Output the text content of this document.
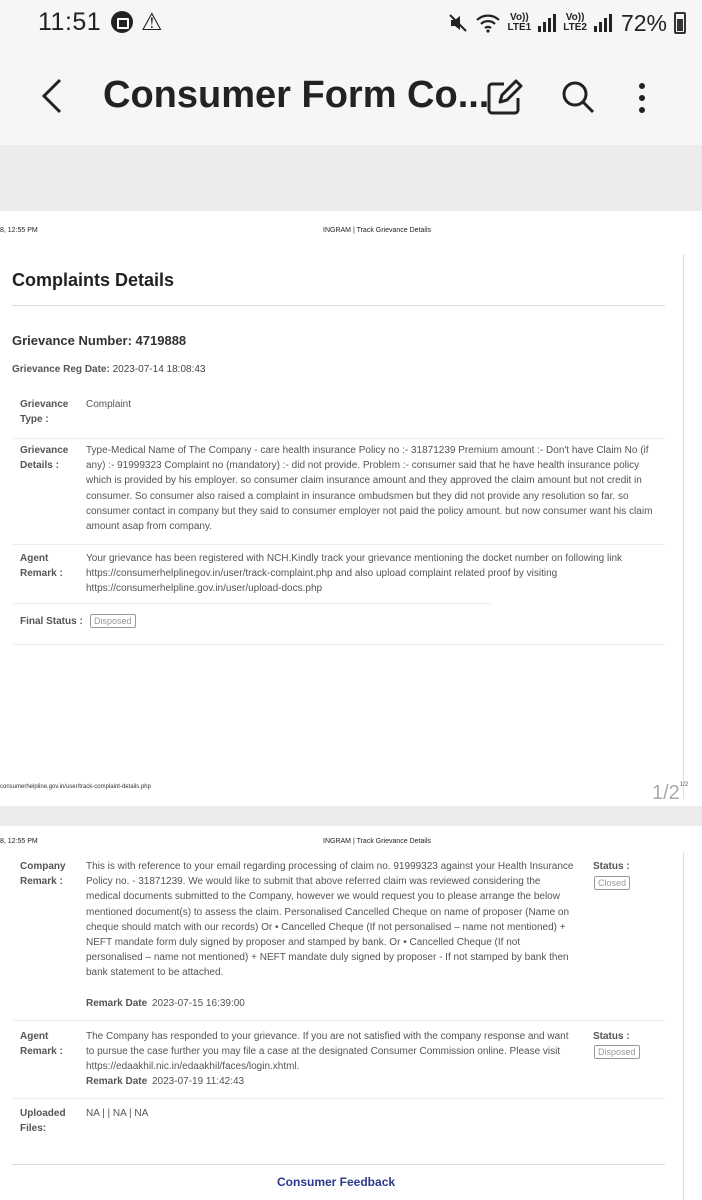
11:51 ⚠	Vo))
LTE1
Vo))
LTE2 72%
Consumer Form Co...
8, 12:55 PM	INGRAM | Track Grievance Details
Complaints Details
Grievance Number: 4719888
Grievance Reg Date: 2023-07-14 18:08:43
Grievance Type :
Complaint
Grievance Details :
Type-Medical Name of The Company - care health insurance Policy no :- 31871239 Premium amount :- Don't have Claim No (if any) :- 91999323 Complaint no (mandatory) :- did not provide. Problem :- consumer said that he have health insurance policy which is provided by his employer. so consumer claim insurance amount and they approved the claim amount but not credit in consumer. So consumer also raised a complaint in insurance ombudsmen but they did not provide any resolution so far. so consumer contact in company but they said to consumer employer not paid the policy amount. but now consumer want his claim amount asap from company.
Agent Remark :
Your grievance has been registered with NCH.Kindly track your grievance mentioning the docket number on following link https://consumerhelplinegov.in/user/track-complaint.php and also upload complaint related proof by visiting https://consumerhelpline.gov.in/user/upload-docs.php
Final Status :	Disposed
consumerhelpline.gov.in/user/track-complaint-details.php	$1/2^{1/2}$
8, 12:55 PM	INGRAM | Track Grievance Details
Company Remark :
This is with reference to your email regarding processing of claim no. 91999323 against your Health Insurance Policy no. - 31871239. We would like to submit that above referred claim was reviewed considering the medical documents submitted to the Company, however we would request you to please arrange the below mentioned document(s) to assess the claim. Personalised Cancelled Cheque on name of proposer (Name on cheque should match with our records) Or • Cancelled Cheque (If not personalised – name not mentioned) + NEFT mandate form duly signed by proposer and stamped by bank. Or • Cancelled Cheque (If not personalised – name not mentioned) + NEFT mandate duly signed by proposer - If not stamped by bank then bank statement to be attached.
Remark Date 2023-07-15 16:39:00
Status :
Closed
Agent Remark :
The Company has responded to your grievance. If you are not satisfied with the company response and want to pursue the case further you may file a case at the designated Consumer Commission online. Please visit https://edaakhil.nic.in/edaakhil/faces/login.xhtml.
Remark Date 2023-07-19 11:42:43
Status :
Disposed
Uploaded Files:
NA | | NA | NA
Consumer Feedback
